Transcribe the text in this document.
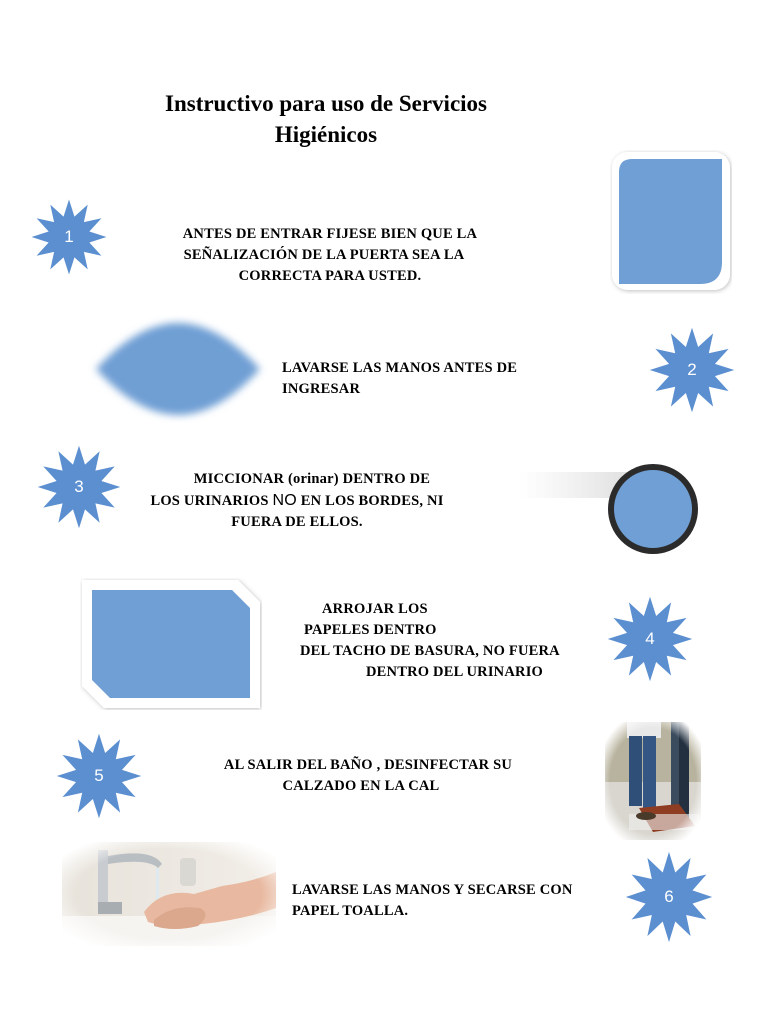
Instructivo para uso de Servicios
Higiénicos
1	ANTES DE ENTRAR FIJESE BIEN QUE LA
SEÑALIZACIÓN DE LA PUERTA SEA LA
CORRECTA PARA USTED.
LAVARSE LAS MANOS ANTES DE
INGRESAR
2
3	MICCIONAR (orinar) DENTRO DE
LOS URINARIOS NO EN LOS BORDES, NI
FUERA DE ELLOS.
ARROJAR LOS
PAPELES DENTRO
DEL TACHO DE BASURA, NO FUERA
DENTRO DEL URINARIO
4
5
AL SALIR DEL BAÑO , DESINFECTAR SU
CALZADO EN LA CAL
LAVARSE LAS MANOS Y SECARSE CON
PAPEL TOALLA.
6
